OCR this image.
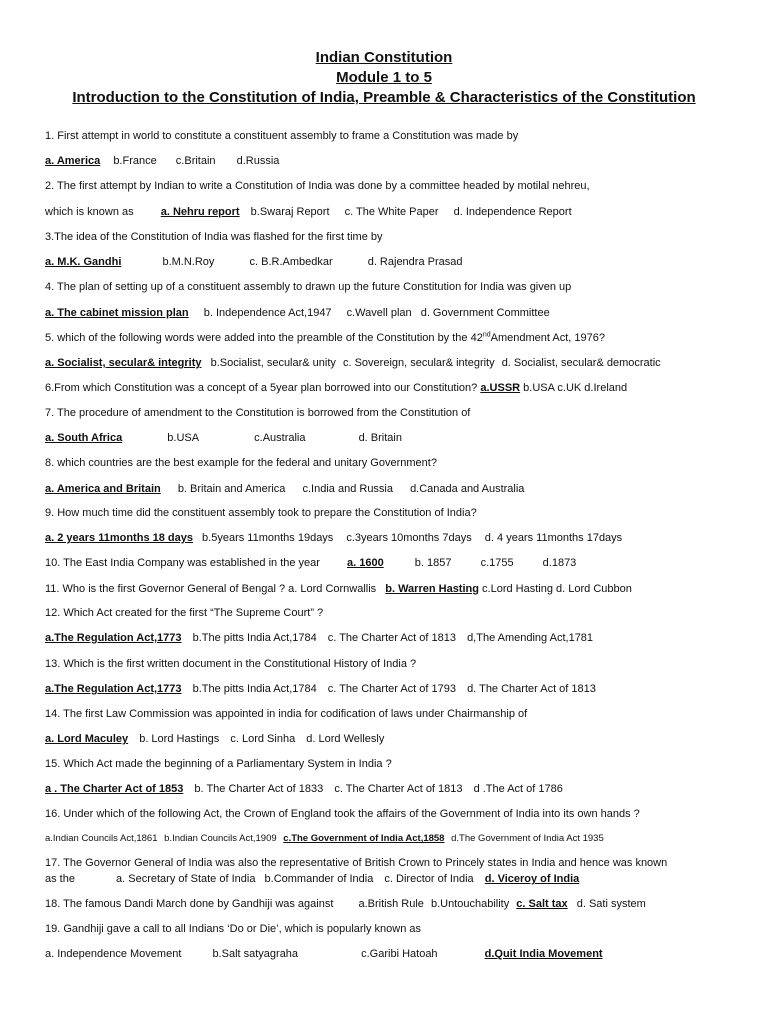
Indian Constitution
Module 1 to 5
Introduction to the Constitution of India, Preamble & Characteristics of the Constitution
1. First attempt in world to constitute a constituent assembly to frame a Constitution was made by
a. America b.France c.Britain d.Russia
2. The first attempt by Indian to write a Constitution of India was done by a committee headed by motilal nehreu,
which is known as a. Nehru report b.Swaraj Report c. The White Paper d. Independence Report
3.The idea of the Constitution of India was flashed for the first time by
a. M.K. Gandhi	b.M.N.Roy	c. B.R.Ambedkar	d. Rajendra Prasad
4. The plan of setting up of a constituent assembly to drawn up the future Constitution for India was given up
a. The cabinet mission plan b. Independence Act,1947 c.Wavell plan d. Government Committee
5. which of the following words were added into the preamble of the Constitution by the 42ndAmendment Act, 1976?
a. Socialist, secular& integrity b.Socialist, secular& unity c. Sovereign, secular& integrity d. Socialist, secular& democratic
6.From which Constitution was a concept of a 5year plan borrowed into our Constitution? a.USSR b.USA c.UK d.Ireland
7. The procedure of amendment to the Constitution is borrowed from the Constitution of
a. South Africa	b.USA	c.Australia	d. Britain
8. which countries are the best example for the federal and unitary Government?
a. America and Britain b. Britain and America c.India and Russia d.Canada and Australia
9. How much time did the constituent assembly took to prepare the Constitution of India?
a. 2 years 11months 18 days b.5years 11months 19days c.3years 10months 7days d. 4 years 11months 17days
10. The East India Company was established in the year a. 1600	b. 1857	c.1755	d.1873
11. Who is the first Governor General of Bengal ? a. Lord Cornwallis b. Warren Hasting c.Lord Hasting d. Lord Cubbon
12. Which Act created for the first “The Supreme Court” ?
a.The Regulation Act,1773 b.The pitts India Act,1784 c. The Charter Act of 1813 d,The Amending Act,1781
13. Which is the first written document in the Constitutional History of India ?
a.The Regulation Act,1773 b.The pitts India Act,1784 c. The Charter Act of 1793 d. The Charter Act of 1813
14. The first Law Commission was appointed in india for codification of laws under Chairmanship of
a. Lord Maculey b. Lord Hastings c. Lord Sinha d. Lord Wellesly
15. Which Act made the beginning of a Parliamentary System in India ?
a . The Charter Act of 1853 b. The Charter Act of 1833 c. The Charter Act of 1813 d .The Act of 1786
16. Under which of the following Act, the Crown of England took the affairs of the Government of India into its own hands ?
a.Indian Councils Act,1861 b.Indian Councils Act,1909 c.The Government of India Act,1858 d.The Government of India Act 1935
17. The Governor General of India was also the representative of British Crown to Princely states in India and hence was known
as the	a. Secretary of State of India b.Commander of India c. Director of India d. Viceroy of India
18. The famous Dandi March done by Gandhiji was against a.British Rule b.Untouchability c. Salt tax d. Sati system
19. Gandhiji gave a call to all Indians ‘Do or Die’, which is popularly known as
a. Independence Movement	b.Salt satyagraha	c.Garibi Hatoah	d.Quit India Movement
